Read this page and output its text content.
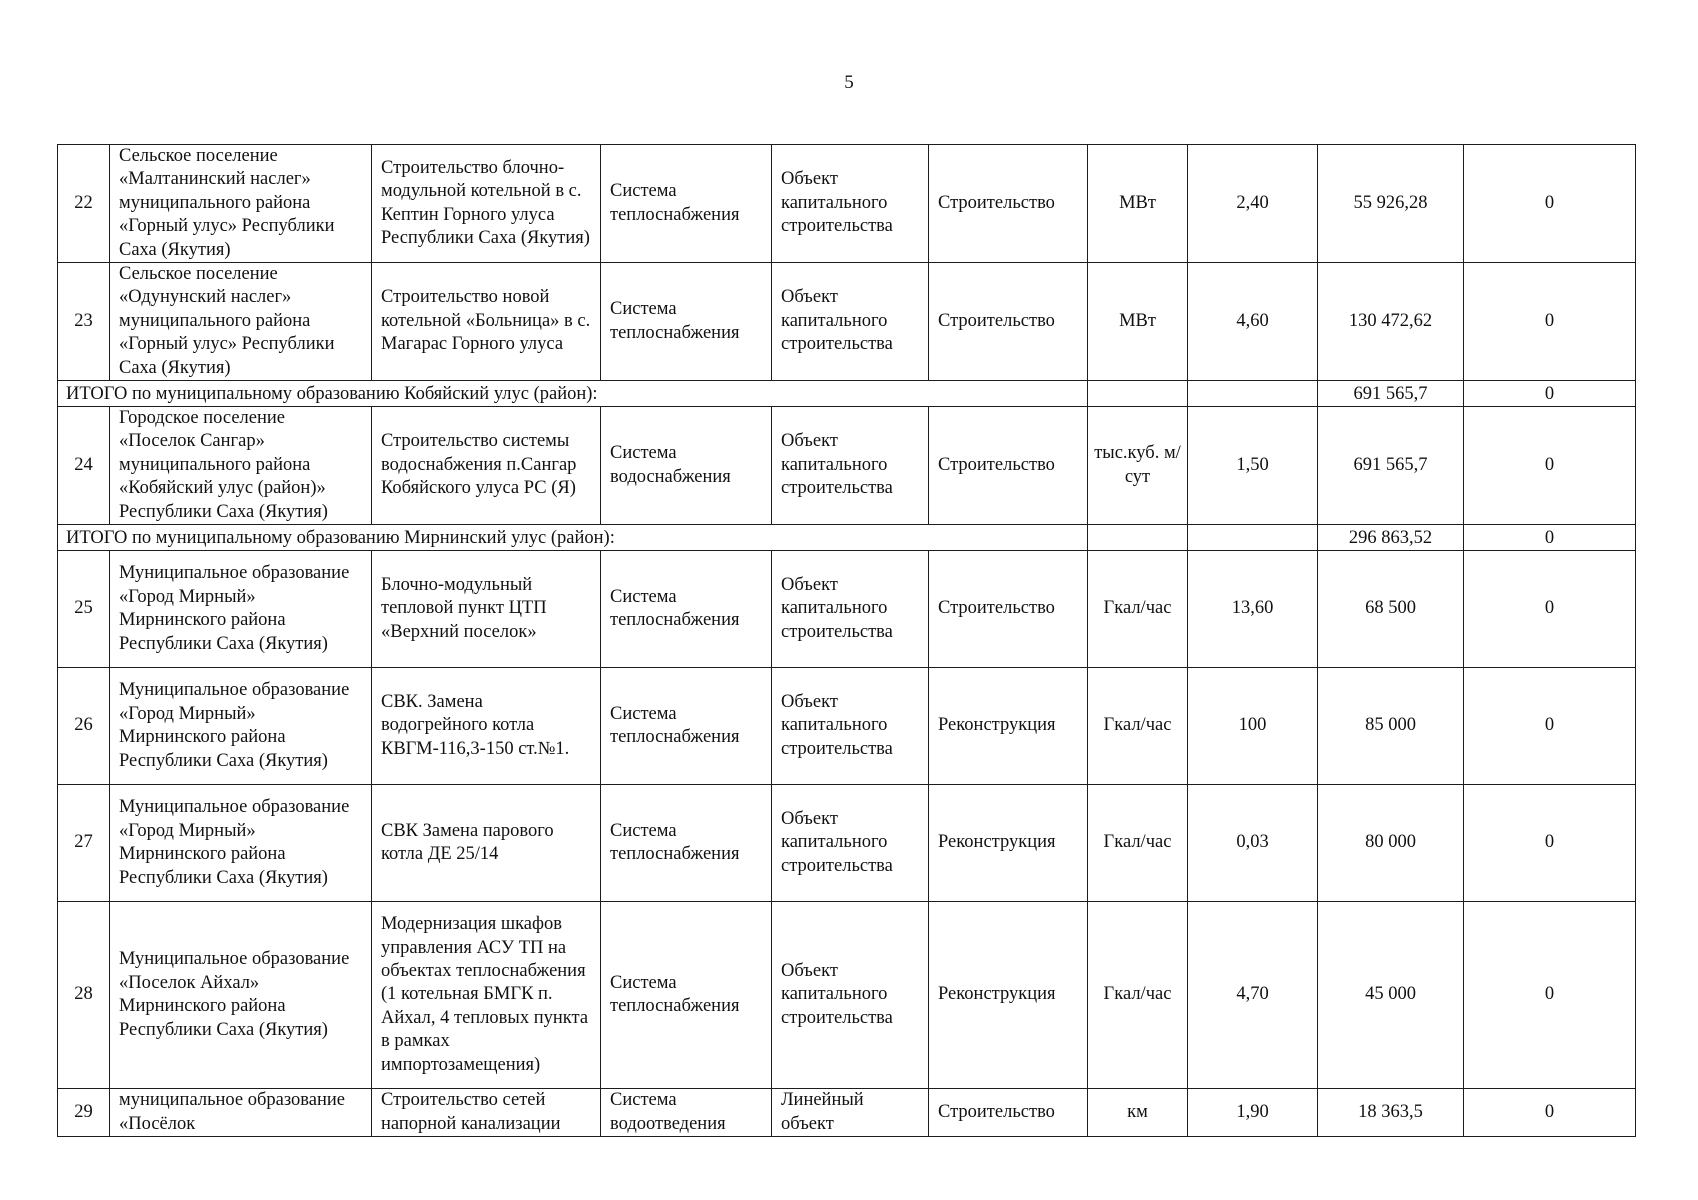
5
22	Сельское поселение «Малтанинский наслег» муниципального района «Горный улус» Республики Саха (Якутия)	Строительство блочно-модульной котельной в с. Кептин Горного улуса Республики Саха (Якутия)	Система теплоснабжения	Объект капитального строительства	Строительство	МВт	2,40	55 926,28	0
23	Сельское поселение «Одунунский наслег» муниципального района «Горный улус» Республики Саха (Якутия)	Строительство новой котельной «Больница» в с. Магарас Горного улуса	Система теплоснабжения	Объект капитального строительства	Строительство	МВт	4,60	130 472,62	0
ИТОГО по муниципальному образованию Кобяйский улус (район):								691 565,7	0
24	Городское поселение «Поселок Сангар» муниципального района «Кобяйский улус (район)» Республики Саха (Якутия)	Строительство системы водоснабжения п.Сангар Кобяйского улуса РС (Я)	Система водоснабжения	Объект капитального строительства	Строительство	тыс.куб. м/сут	1,50	691 565,7	0
ИТОГО по муниципальному образованию Мирнинский улус (район):								296 863,52	0
25	Муниципальное образование «Город Мирный» Мирнинского района Республики Саха (Якутия)	Блочно-модульный тепловой пункт ЦТП «Верхний поселок»	Система теплоснабжения	Объект капитального строительства	Строительство	Гкал/час	13,60	68 500	0
26	Муниципальное образование «Город Мирный» Мирнинского района Республики Саха (Якутия)	СВК. Замена водогрейного котла КВГМ-116,3-150 ст.№1.	Система теплоснабжения	Объект капитального строительства	Реконструкция	Гкал/час	100	85 000	0
27	Муниципальное образование «Город Мирный» Мирнинского района Республики Саха (Якутия)	СВК Замена парового котла ДЕ 25/14	Система теплоснабжения	Объект капитального строительства	Реконструкция	Гкал/час	0,03	80 000	0
28	Муниципальное образование «Поселок Айхал» Мирнинского района Республики Саха (Якутия)	Модернизация шкафов управления АСУ ТП на объектах теплоснабжения (1 котельная БМГК п. Айхал, 4 тепловых пункта в рамках импортозамещения)	Система теплоснабжения	Объект капитального строительства	Реконструкция	Гкал/час	4,70	45 000	0
29	муниципальное образование «Посёлок	Строительство сетей напорной канализации	Система водоотведения	Линейный объект	Строительство	км	1,90	18 363,5	0
